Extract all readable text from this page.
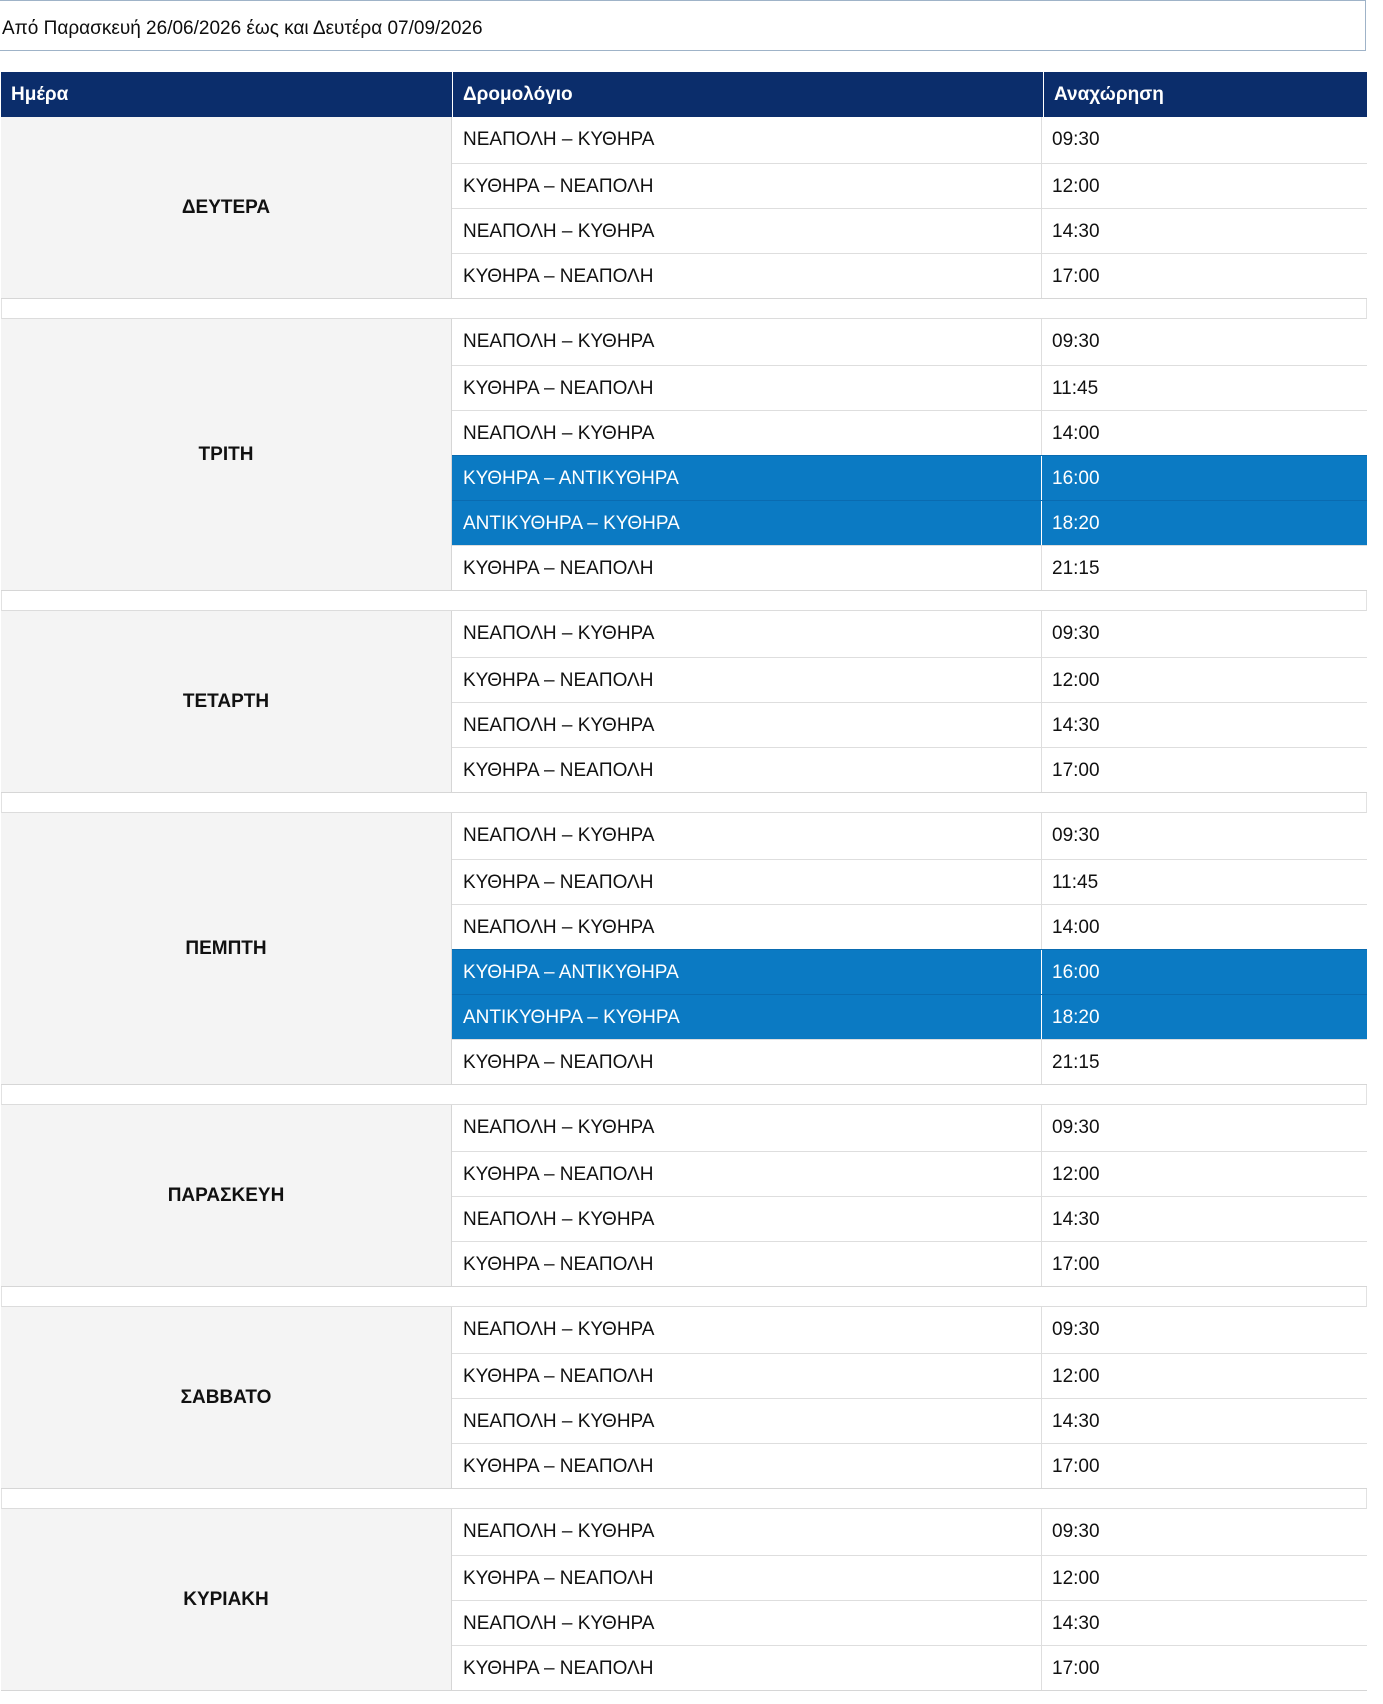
Από Παρασκευή 26/06/2026 έως και Δευτέρα 07/09/2026
Ημέρα	Δρομολόγιο	Αναχώρηση
ΔΕΥΤΕΡΑ
ΝΕΑΠΟΛΗ – ΚΥΘΗΡΑ	09:30
ΚΥΘΗΡΑ – ΝΕΑΠΟΛΗ	12:00
ΝΕΑΠΟΛΗ – ΚΥΘΗΡΑ	14:30
ΚΥΘΗΡΑ – ΝΕΑΠΟΛΗ	17:00
ΤΡΙΤΗ
ΝΕΑΠΟΛΗ – ΚΥΘΗΡΑ	09:30
ΚΥΘΗΡΑ – ΝΕΑΠΟΛΗ	11:45
ΝΕΑΠΟΛΗ – ΚΥΘΗΡΑ	14:00
ΚΥΘΗΡΑ – ΑΝΤΙΚΥΘΗΡΑ	16:00
ΑΝΤΙΚΥΘΗΡΑ – ΚΥΘΗΡΑ	18:20
ΚΥΘΗΡΑ – ΝΕΑΠΟΛΗ	21:15
ΤΕΤΑΡΤΗ
ΝΕΑΠΟΛΗ – ΚΥΘΗΡΑ	09:30
ΚΥΘΗΡΑ – ΝΕΑΠΟΛΗ	12:00
ΝΕΑΠΟΛΗ – ΚΥΘΗΡΑ	14:30
ΚΥΘΗΡΑ – ΝΕΑΠΟΛΗ	17:00
ΠΕΜΠΤΗ
ΝΕΑΠΟΛΗ – ΚΥΘΗΡΑ	09:30
ΚΥΘΗΡΑ – ΝΕΑΠΟΛΗ	11:45
ΝΕΑΠΟΛΗ – ΚΥΘΗΡΑ	14:00
ΚΥΘΗΡΑ – ΑΝΤΙΚΥΘΗΡΑ	16:00
ΑΝΤΙΚΥΘΗΡΑ – ΚΥΘΗΡΑ	18:20
ΚΥΘΗΡΑ – ΝΕΑΠΟΛΗ	21:15
ΠΑΡΑΣΚΕΥΗ
ΝΕΑΠΟΛΗ – ΚΥΘΗΡΑ	09:30
ΚΥΘΗΡΑ – ΝΕΑΠΟΛΗ	12:00
ΝΕΑΠΟΛΗ – ΚΥΘΗΡΑ	14:30
ΚΥΘΗΡΑ – ΝΕΑΠΟΛΗ	17:00
ΣΑΒΒΑΤΟ
ΝΕΑΠΟΛΗ – ΚΥΘΗΡΑ	09:30
ΚΥΘΗΡΑ – ΝΕΑΠΟΛΗ	12:00
ΝΕΑΠΟΛΗ – ΚΥΘΗΡΑ	14:30
ΚΥΘΗΡΑ – ΝΕΑΠΟΛΗ	17:00
ΚΥΡΙΑΚΗ
ΝΕΑΠΟΛΗ – ΚΥΘΗΡΑ	09:30
ΚΥΘΗΡΑ – ΝΕΑΠΟΛΗ	12:00
ΝΕΑΠΟΛΗ – ΚΥΘΗΡΑ	14:30
ΚΥΘΗΡΑ – ΝΕΑΠΟΛΗ	17:00
